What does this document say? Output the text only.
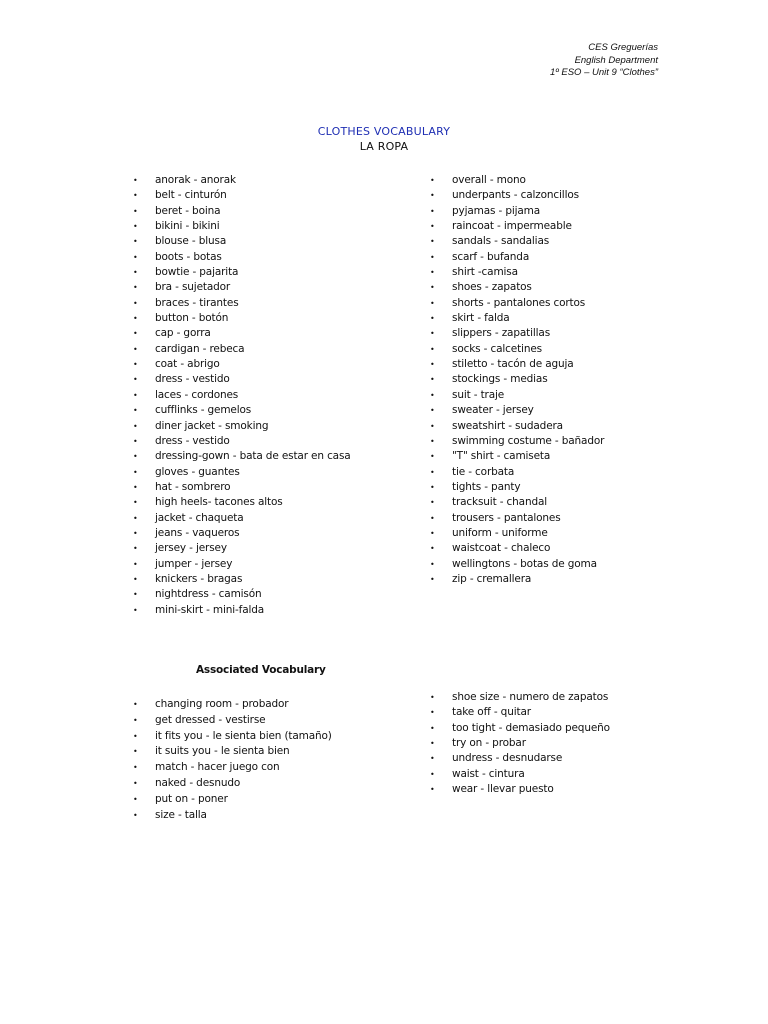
CES Greguerías
English Department
1º ESO – Unit 9 “Clothes”
CLOTHES VOCABULARY
LA ROPA
• anorak - anorak
• belt - cinturón
• beret - boina
• bikini - bikini
• blouse - blusa
• boots - botas
• bowtie - pajarita
• bra - sujetador
• braces - tirantes
• button - botón
• cap - gorra
• cardigan - rebeca
• coat - abrigo
• dress - vestido
• laces - cordones
• cufflinks - gemelos
• diner jacket - smoking
• dress - vestido
• dressing-gown - bata de estar en casa
• gloves - guantes
• hat - sombrero
• high heels- tacones altos
• jacket - chaqueta
• jeans - vaqueros
• jersey - jersey
• jumper - jersey
• knickers - bragas
• nightdress - camisón
• mini-skirt - mini-falda
• overall - mono
• underpants - calzoncillos
• pyjamas - pijama
• raincoat - impermeable
• sandals - sandalias
• scarf - bufanda
• shirt -camisa
• shoes - zapatos
• shorts - pantalones cortos
• skirt - falda
• slippers - zapatillas
• socks - calcetines
• stiletto - tacón de aguja
• stockings - medias
• suit - traje
• sweater - jersey
• sweatshirt - sudadera
• swimming costume - bañador
• "T" shirt - camiseta
• tie - corbata
• tights - panty
• tracksuit - chandal
• trousers - pantalones
• uniform - uniforme
• waistcoat - chaleco
• wellingtons - botas de goma
• zip - cremallera
Associated Vocabulary
• changing room - probador
• get dressed - vestirse
• it fits you - le sienta bien (tamaño)
• it suits you - le sienta bien
• match - hacer juego con
• naked - desnudo
• put on - poner
• size - talla
• shoe size - numero de zapatos
• take off - quitar
• too tight - demasiado pequeño
• try on - probar
• undress - desnudarse
• waist - cintura
• wear - llevar puesto
